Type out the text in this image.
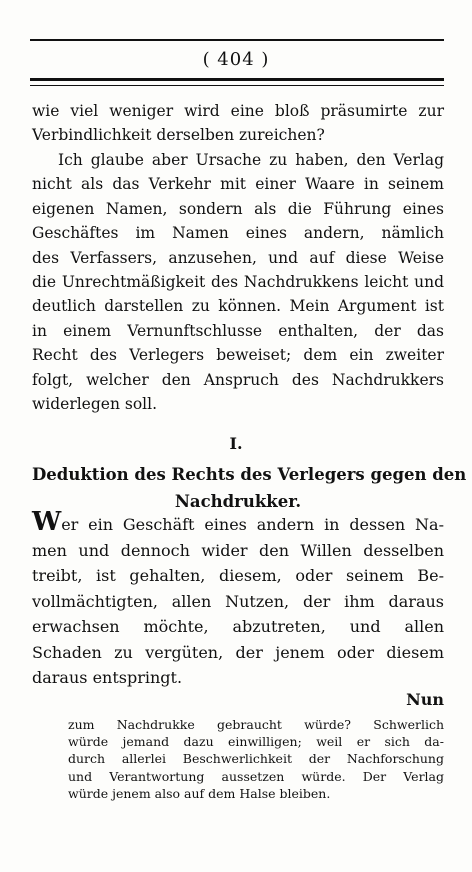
( 404 )
wie viel weniger wird eine bloß präsumirte zur
Verbindlichkeit derselben zureichen?
Ich glaube aber Ursache zu haben, den Verlag
nicht als das Verkehr mit einer Waare in seinem
eigenen Namen, sondern als die Führung eines
Geschäftes im Namen eines andern, nämlich
des Verfassers, anzusehen, und auf diese Weise
die Unrechtmäßigkeit des Nachdrukkens leicht und
deutlich darstellen zu können. Mein Argument ist
in einem Vernunftschlusse enthalten, der das
Recht des Verlegers beweiset; dem ein zweiter
folgt, welcher den Anspruch des Nachdrukkers
widerlegen soll.
I.
Deduktion des Rechts des Verlegers gegen den
Nachdrukker.
Wer ein Geschäft eines andern in dessen Na-
men und dennoch wider den Willen desselben
treibt, ist gehalten, diesem, oder seinem Be-
vollmächtigten, allen Nutzen, der ihm daraus
erwachsen möchte, abzutreten, und allen
Schaden zu vergüten, der jenem oder diesem
daraus entspringt.
Nun
zum Nachdrukke gebraucht würde? Schwerlich
würde jemand dazu einwilligen; weil er sich da-
durch allerlei Beschwerlichkeit der Nachforschung
und Verantwortung aussetzen würde. Der Verlag
würde jenem also auf dem Halse bleiben.
